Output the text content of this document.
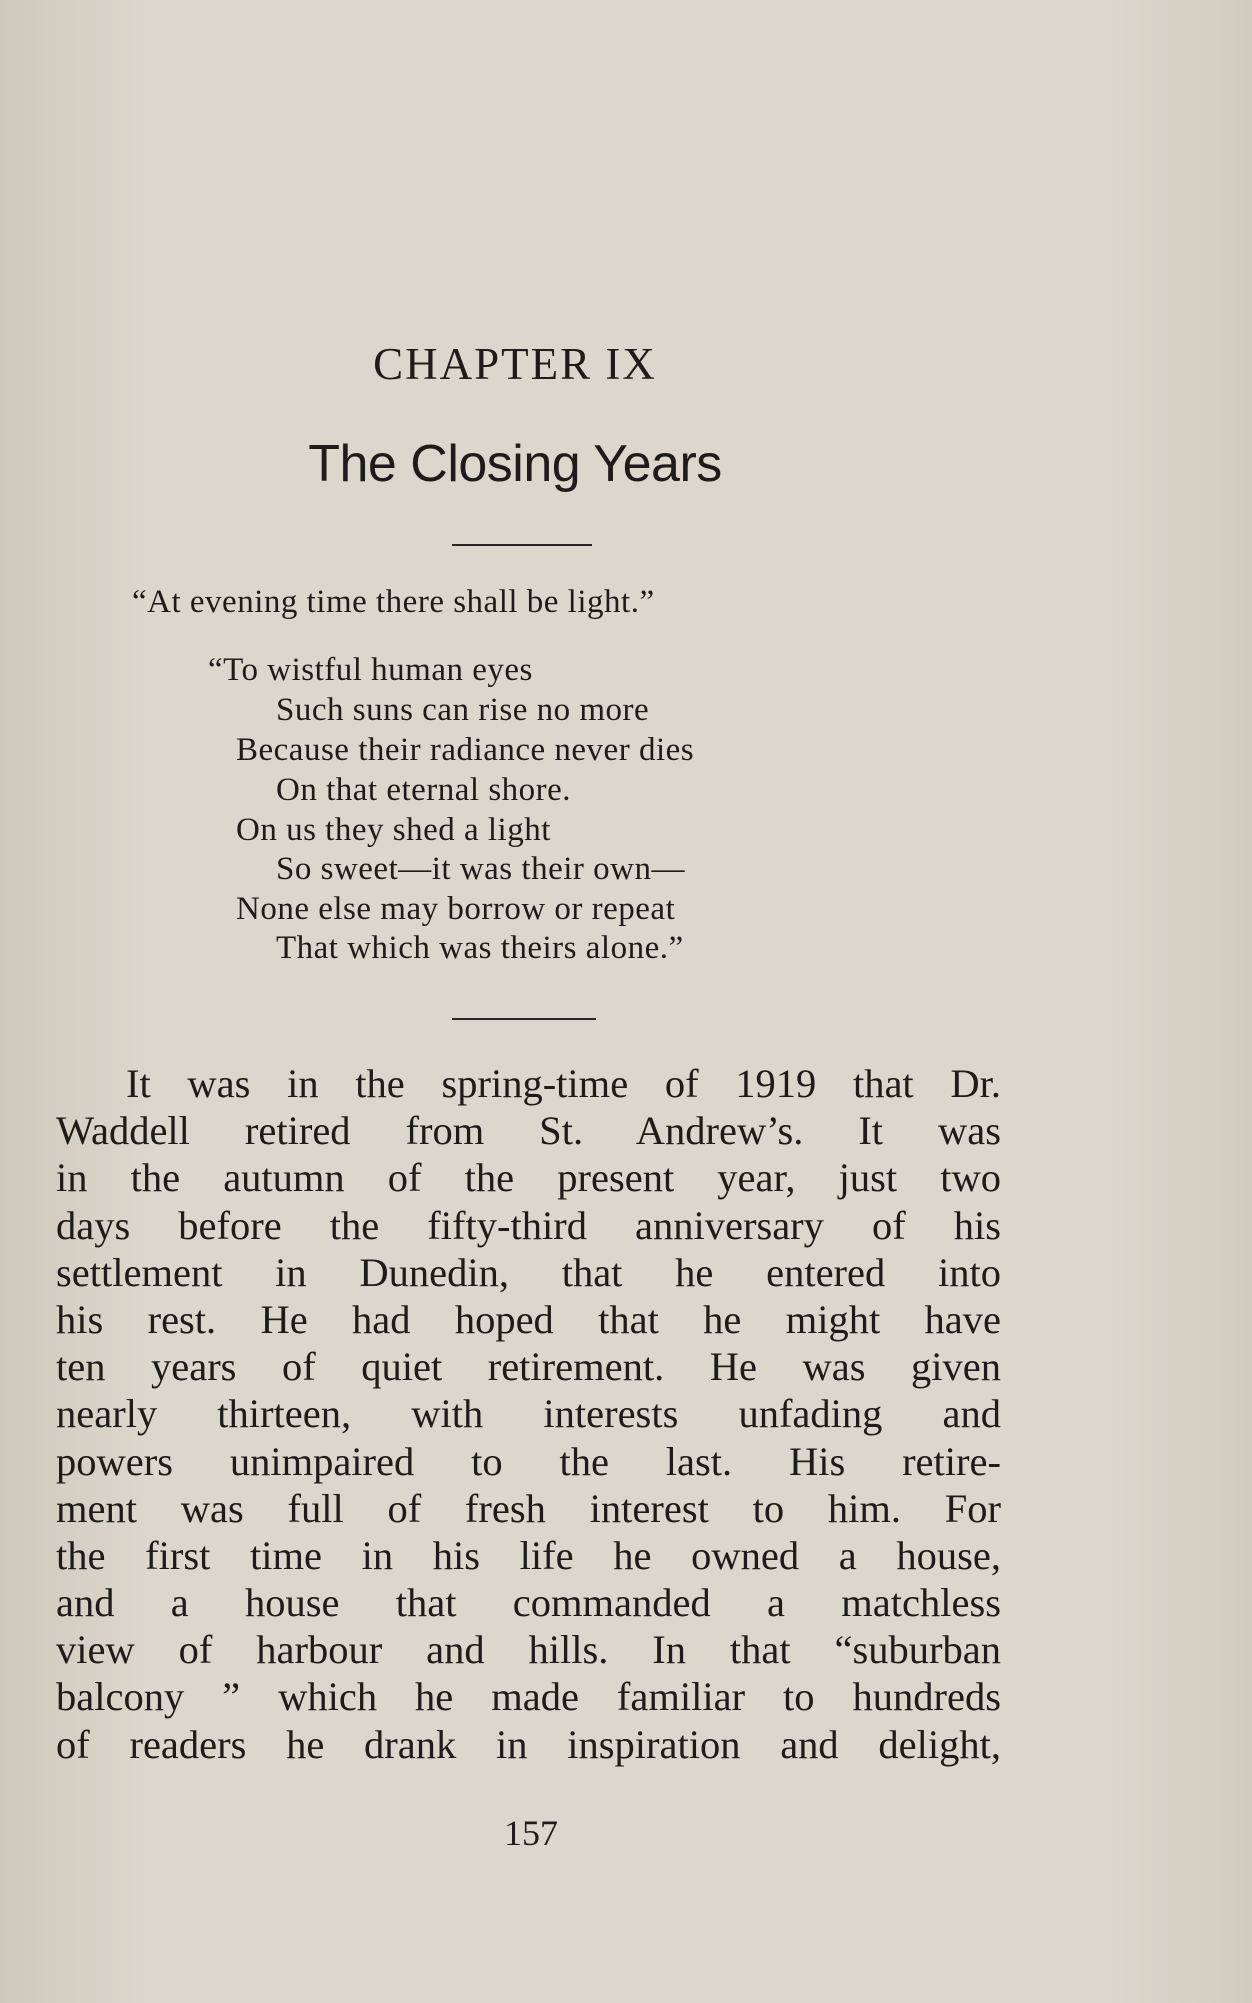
CHAPTER IX
The Closing Years
“At evening time there shall be light.”
“To wistful human eyes
Such suns can rise no more
Because their radiance never dies
On that eternal shore.
On us they shed a light
So sweet—it was their own—
None else may borrow or repeat
That which was theirs alone.”
It was in the spring-time of 1919 that Dr.
Waddell retired from St. Andrew’s. It was
in the autumn of the present year, just two
days before the fifty-third anniversary of his
settlement in Dunedin, that he entered into
his rest. He had hoped that he might have
ten years of quiet retirement. He was given
nearly thirteen, with interests unfading and
powers unimpaired to the last. His retire-
ment was full of fresh interest to him. For
the first time in his life he owned a house,
and a house that commanded a matchless
view of harbour and hills. In that “suburban
balcony ” which he made familiar to hundreds
of readers he drank in inspiration and delight,
157
